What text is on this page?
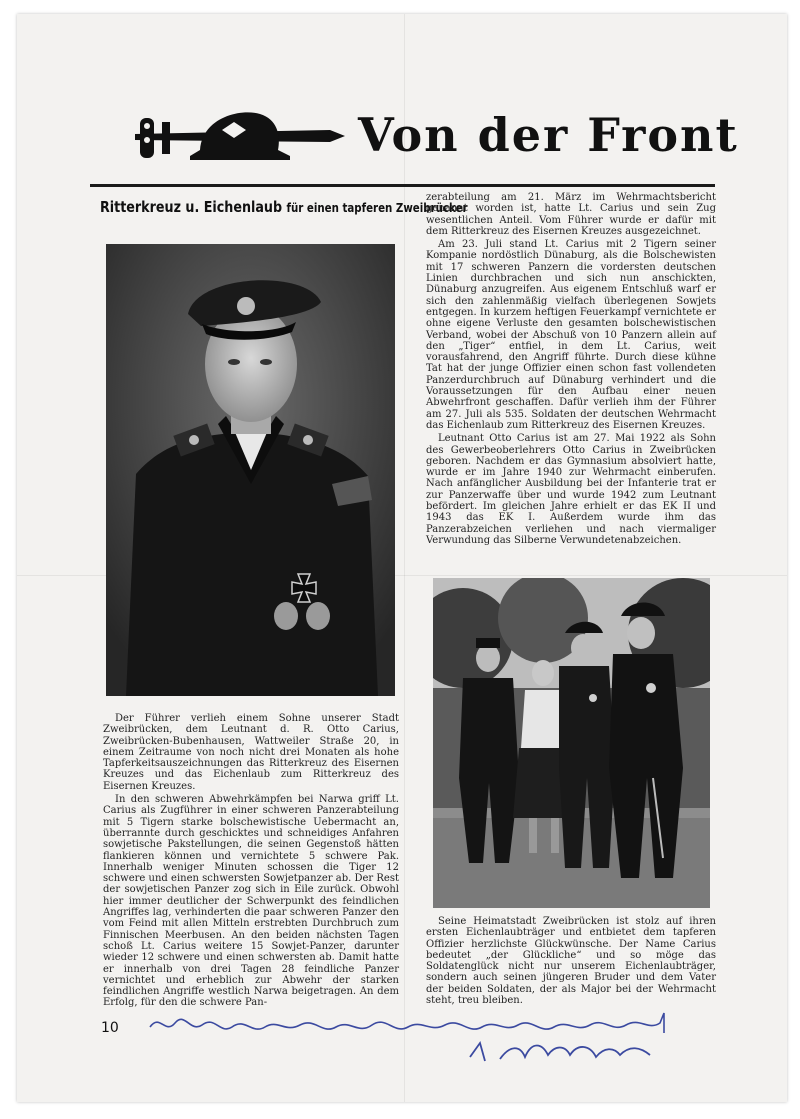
Von der Front
Ritterkreuz u. Eichenlaub für einen tapferen Zweibrücker

Der Führer verlieh einem Sohne unserer Stadt Zweibrücken, dem Leutnant d. R. Otto Carius, Zweibrücken-Bubenhausen, Wattweiler Straße 20, in einem Zeitraume von noch nicht drei Monaten als hohe Tapferkeitsauszeichnungen das Ritterkreuz des Eisernen Kreuzes und das Eichenlaub zum Ritterkreuz des Eisernen Kreuzes.

In den schweren Abwehrkämpfen bei Narwa griff Lt. Carius als Zugführer in einer schweren Panzerabteilung mit 5 Tigern starke bolschewistische Uebermacht an, überrannte durch geschicktes und schneidiges Anfahren sowjetische Pakstellungen, die seinen Gegenstoß hätten flankieren können und vernichtete 5 schwere Pak. Innerhalb weniger Minuten schossen die Tiger 12 schwere und einen schwersten Sowjetpanzer ab. Der Rest der sowjetischen Panzer zog sich in Eile zurück. Obwohl hier immer deutlicher der Schwerpunkt des feindlichen Angriffes lag, verhinderten die paar schweren Panzer den vom Feind mit allen Mitteln erstrebten Durchbruch zum Finnischen Meerbusen. An den beiden nächsten Tagen schoß Lt. Carius weitere 15 Sowjet-Panzer, darunter wieder 12 schwere und einen schwersten ab. Damit hatte er innerhalb von drei Tagen 28 feindliche Panzer vernichtet und erheblich zur Abwehr der starken feindlichen Angriffe westlich Narwa beigetragen. An dem Erfolg, für den die schwere Pan-

zerabteilung am 21. März im Wehrmachtsbericht genannt worden ist, hatte Lt. Carius und sein Zug wesentlichen Anteil. Vom Führer wurde er dafür mit dem Ritterkreuz des Eisernen Kreuzes ausgezeichnet.

Am 23. Juli stand Lt. Carius mit 2 Tigern seiner Kompanie nordöstlich Dünaburg, als die Bolschewisten mit 17 schweren Panzern die vordersten deutschen Linien durchbrachen und sich nun anschickten, Dünaburg anzugreifen. Aus eigenem Entschluß warf er sich den zahlenmäßig vielfach überlegenen Sowjets entgegen. In kurzem heftigen Feuerkampf vernichtete er ohne eigene Verluste den gesamten bolschewistischen Verband, wobei der Abschuß von 10 Panzern allein auf den „Tiger“ entfiel, in dem Lt. Carius, weit vorausfahrend, den Angriff führte. Durch diese kühne Tat hat der junge Offizier einen schon fast vollendeten Panzerdurchbruch auf Dünaburg verhindert und die Voraussetzungen für den Aufbau einer neuen Abwehrfront geschaffen. Dafür verlieh ihm der Führer am 27. Juli als 535. Soldaten der deutschen Wehrmacht das Eichenlaub zum Ritterkreuz des Eisernen Kreuzes.

Leutnant Otto Carius ist am 27. Mai 1922 als Sohn des Gewerbeoberlehrers Otto Carius in Zweibrücken geboren. Nachdem er das Gymnasium absolviert hatte, wurde er im Jahre 1940 zur Wehrmacht einberufen. Nach anfänglicher Ausbildung bei der Infanterie trat er zur Panzerwaffe über und wurde 1942 zum Leutnant befördert. Im gleichen Jahre erhielt er das EK II und 1943 das EK I. Außerdem wurde ihm das Panzerabzeichen verliehen und nach viermaliger Verwundung das Silberne Verwundetenabzeichen.

Seine Heimatstadt Zweibrücken ist stolz auf ihren ersten Eichenlaubträger und entbietet dem tapferen Offizier herzlichste Glückwünsche. Der Name Carius bedeutet „der Glückliche“ und so möge das Soldatenglück nicht nur unserem Eichenlaubträger, sondern auch seinen jüngeren Bruder und dem Vater der beiden Soldaten, der als Major bei der Wehrmacht steht, treu bleiben.

10
